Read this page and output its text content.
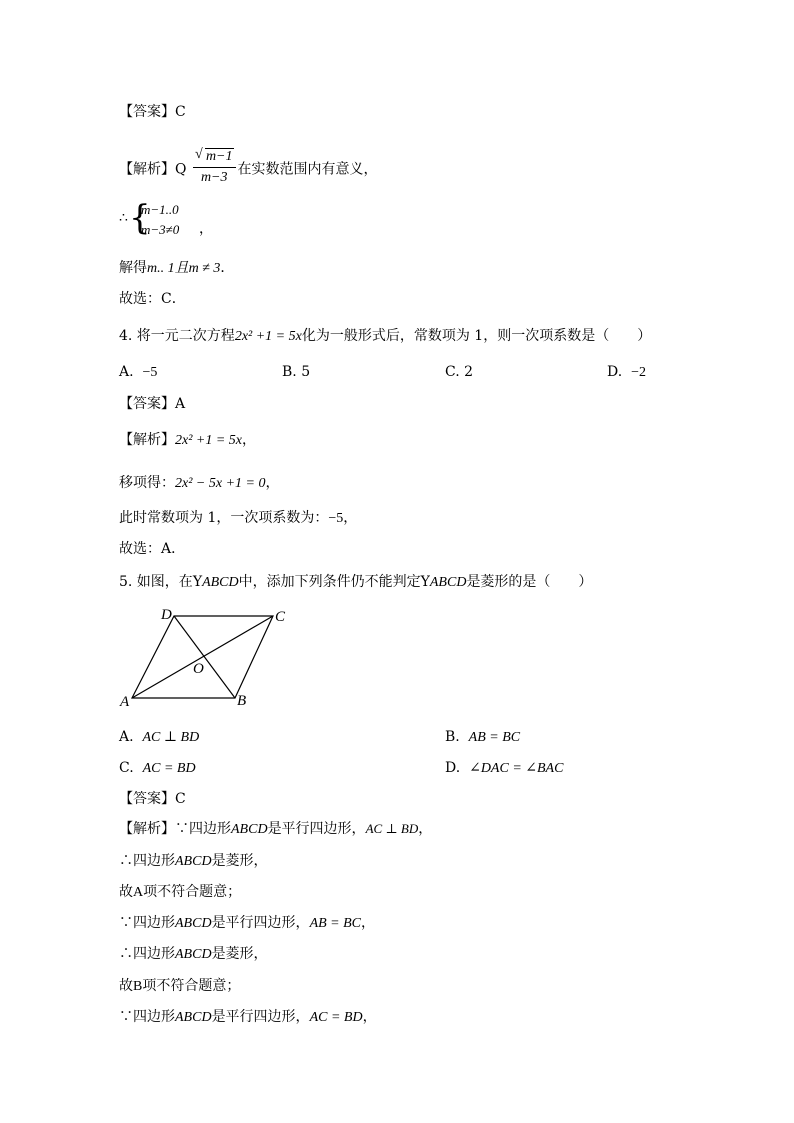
【答案】C
【解析】Q $\frac{√ m-1}{m-3}$ 在实数范围内有意义，
∴ {
m−1..0
m−3≠0 ，
解得m.. 1且m ≠ 3．
故选：C．
4. 将一元二次方程2x² +1 = 5x化为一般形式后，常数项为 1，则一次项系数是（　　）
A. −5	B. 5	C. 2	D. −2
【答案】A
【解析】2x² +1 = 5x，
移项得：2x² − 5x +1 = 0，
此时常数项为 1，一次项系数为：−5，
故选：A．
5. 如图，在YABCD中，添加下列条件仍不能判定YABCD是菱形的是（　　）
A	B
C
D
O
A. AC ⊥ BD	B. AB = BC
C. AC = BD	D. ∠DAC = ∠BAC
【答案】C
【解析】∵四边形ABCD是平行四边形，AC ⊥ BD，
∴四边形ABCD是菱形，
故A项不符合题意；
∵四边形ABCD是平行四边形，AB = BC，
∴四边形ABCD是菱形，
故B项不符合题意；
∵四边形ABCD是平行四边形，AC = BD，
